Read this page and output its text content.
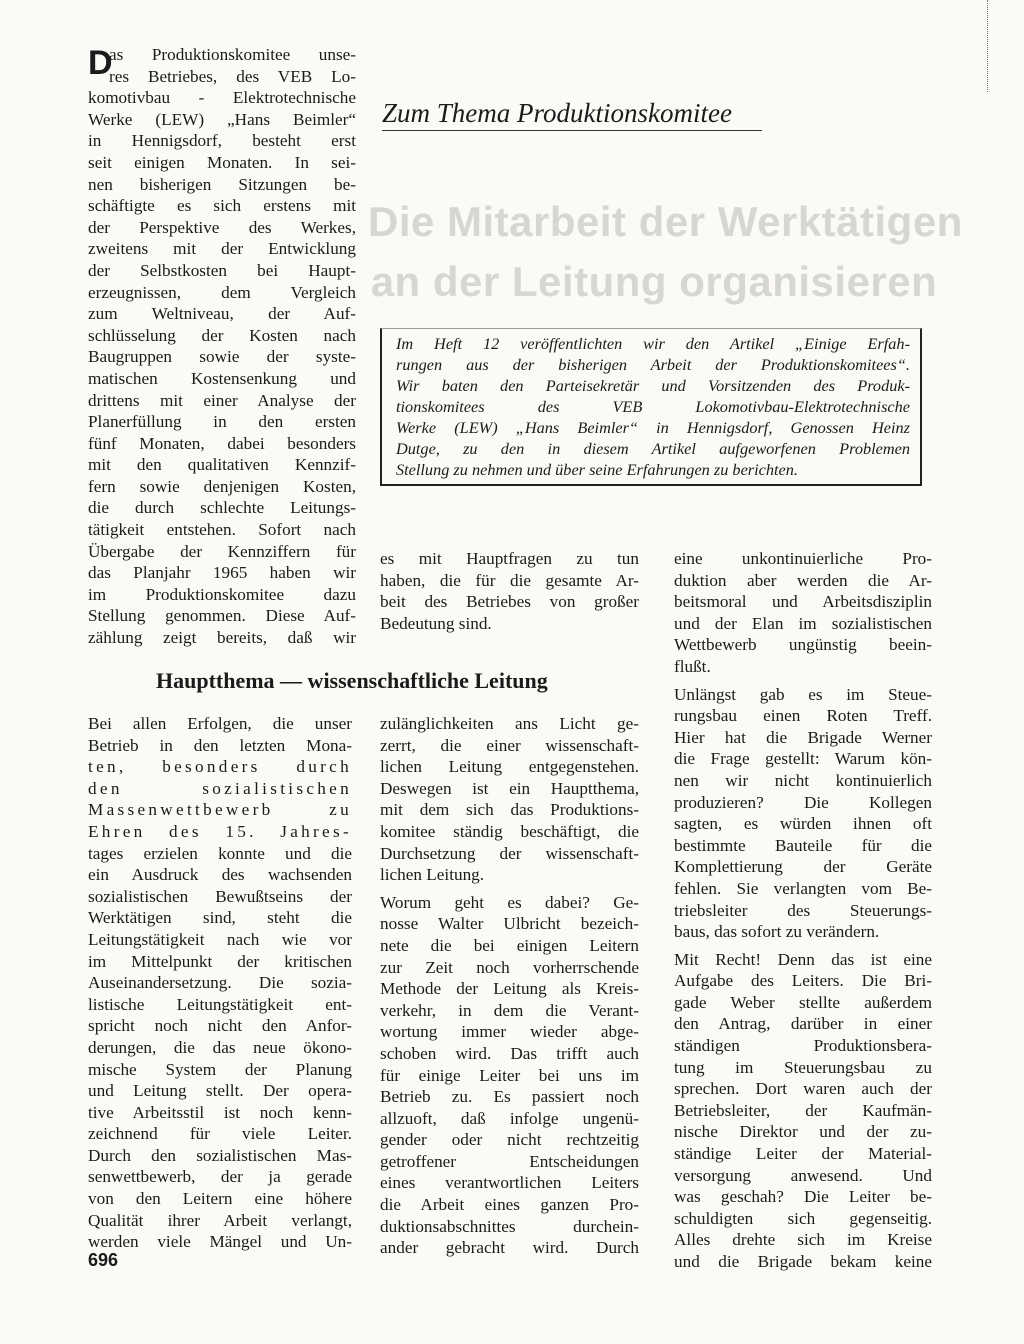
D
as Produktionskomitee unse-
res Betriebes, des VEB Lo-
komotivbau - Elektrotechnische
Werke (LEW) „Hans Beimler“
in Hennigsdorf, besteht erst
seit einigen Monaten. In sei-
nen bisherigen Sitzungen be-
schäftigte es sich erstens mit
der Perspektive des Werkes,
zweitens mit der Entwicklung
der Selbstkosten bei Haupt-
erzeugnissen, dem Vergleich
zum Weltniveau, der Auf-
schlüsselung der Kosten nach
Baugruppen sowie der syste-
matischen Kostensenkung und
drittens mit einer Analyse der
Planerfüllung in den ersten
fünf Monaten, dabei besonders
mit den qualitativen Kennzif-
fern sowie denjenigen Kosten,
die durch schlechte Leitungs-
tätigkeit entstehen. Sofort nach
Übergabe der Kennziffern für
das Planjahr 1965 haben wir
im Produktionskomitee dazu
Stellung genommen. Diese Auf-
zählung zeigt bereits, daß wir
Zum Thema Produktionskomitee
Die Mitarbeit der Werktätigen
an der Leitung organisieren
Im Heft 12 veröffentlichten wir den Artikel „Einige Erfah-
rungen aus der bisherigen Arbeit der Produktionskomitees“.
Wir baten den Parteisekretär und Vorsitzenden des Produk-
tionskomitees des VEB Lokomotivbau-Elektrotechnische
Werke (LEW) „Hans Beimler“ in Hennigsdorf, Genossen Heinz
Dutge, zu den in diesem Artikel aufgeworfenen Problemen
Stellung zu nehmen und über seine Erfahrungen zu berichten.
es mit Hauptfragen zu tun
haben, die für die gesamte Ar-
beit des Betriebes von großer
Bedeutung sind.
Hauptthema — wissenschaftliche Leitung
Bei allen Erfolgen, die unser
Betrieb in den letzten Mona-
ten, besonders durch
den sozialistischen
Massenwettbewerb zu
Ehren des 15. Jahres-
tages erzielen konnte und die
ein Ausdruck des wachsenden
sozialistischen Bewußtseins der
Werktätigen sind, steht die
Leitungstätigkeit nach wie vor
im Mittelpunkt der kritischen
Auseinandersetzung. Die sozia-
listische Leitungstätigkeit ent-
spricht noch nicht den Anfor-
derungen, die das neue ökono-
mische System der Planung
und Leitung stellt. Der opera-
tive Arbeitsstil ist noch kenn-
zeichnend für viele Leiter.
Durch den sozialistischen Mas-
senwettbewerb, der ja gerade
von den Leitern eine höhere
Qualität ihrer Arbeit verlangt,
werden viele Mängel und Un-
zulänglichkeiten ans Licht ge-
zerrt, die einer wissenschaft-
lichen Leitung entgegenstehen.
Deswegen ist ein Hauptthema,
mit dem sich das Produktions-
komitee ständig beschäftigt, die
Durchsetzung der wissenschaft-
lichen Leitung.
Worum geht es dabei? Ge-
nosse Walter Ulbricht bezeich-
nete die bei einigen Leitern
zur Zeit noch vorherrschende
Methode der Leitung als Kreis-
verkehr, in dem die Verant-
wortung immer wieder abge-
schoben wird. Das trifft auch
für einige Leiter bei uns im
Betrieb zu. Es passiert noch
allzuoft, daß infolge ungenü-
gender oder nicht rechtzeitig
getroffener Entscheidungen
eines verantwortlichen Leiters
die Arbeit eines ganzen Pro-
duktionsabschnittes durchein-
ander gebracht wird. Durch
eine unkontinuierliche Pro-
duktion aber werden die Ar-
beitsmoral und Arbeitsdisziplin
und der Elan im sozialistischen
Wettbewerb ungünstig beein-
flußt.
Unlängst gab es im Steue-
rungsbau einen Roten Treff.
Hier hat die Brigade Werner
die Frage gestellt: Warum kön-
nen wir nicht kontinuierlich
produzieren? Die Kollegen
sagten, es würden ihnen oft
bestimmte Bauteile für die
Komplettierung der Geräte
fehlen. Sie verlangten vom Be-
triebsleiter des Steuerungs-
baus, das sofort zu verändern.
Mit Recht! Denn das ist eine
Aufgabe des Leiters. Die Bri-
gade Weber stellte außerdem
den Antrag, darüber in einer
ständigen Produktionsbera-
tung im Steuerungsbau zu
sprechen. Dort waren auch der
Betriebsleiter, der Kaufmän-
nische Direktor und der zu-
ständige Leiter der Material-
versorgung anwesend. Und
was geschah? Die Leiter be-
schuldigten sich gegenseitig.
Alles drehte sich im Kreise
und die Brigade bekam keine
696
